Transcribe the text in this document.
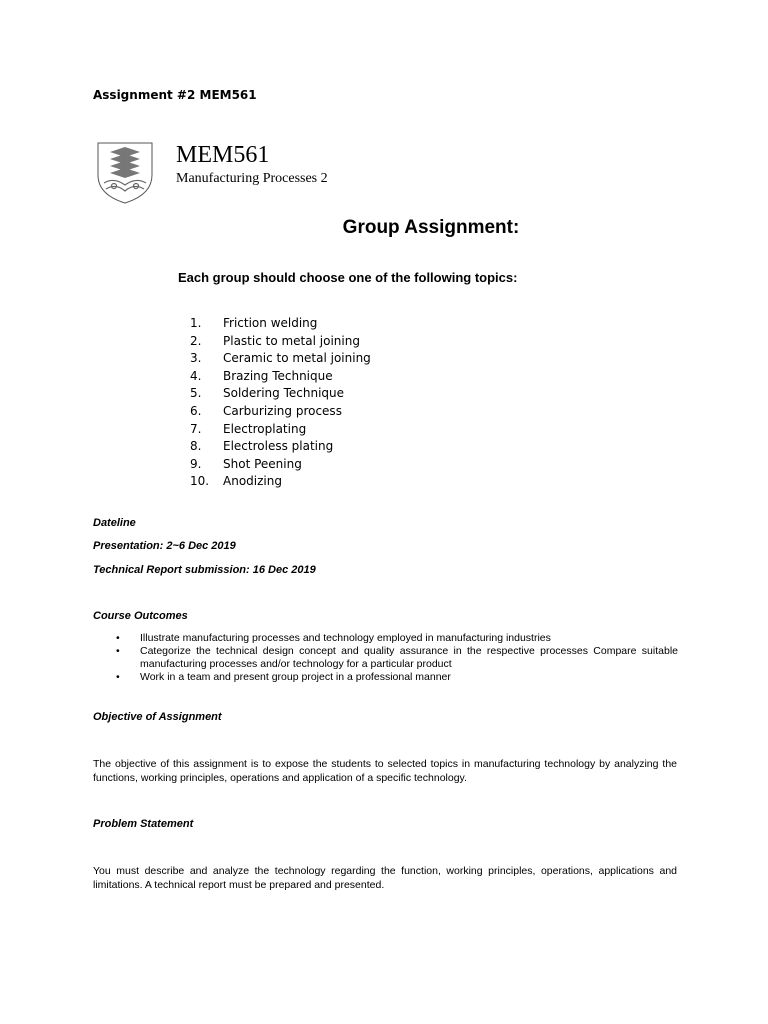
Assignment #2 MEM561
MEM561
Manufacturing Processes 2
Group Assignment:
Each group should choose one of the following topics:
1. Friction welding
2. Plastic to metal joining
3. Ceramic to metal joining
4. Brazing Technique
5. Soldering Technique
6. Carburizing process
7. Electroplating
8. Electroless plating
9. Shot Peening
10. Anodizing
Dateline
Presentation: 2~6 Dec 2019
Technical Report submission: 16 Dec 2019
Course Outcomes
• Illustrate manufacturing processes and technology employed in manufacturing industries
• Categorize the technical design concept and quality assurance in the respective processes Compare suitable manufacturing processes and/or technology for a particular product
• Work in a team and present group project in a professional manner
Objective of Assignment
The objective of this assignment is to expose the students to selected topics in manufacturing technology by analyzing the functions, working principles, operations and application of a specific technology.
Problem Statement
You must describe and analyze the technology regarding the function, working principles, operations, applications and limitations. A technical report must be prepared and presented.
